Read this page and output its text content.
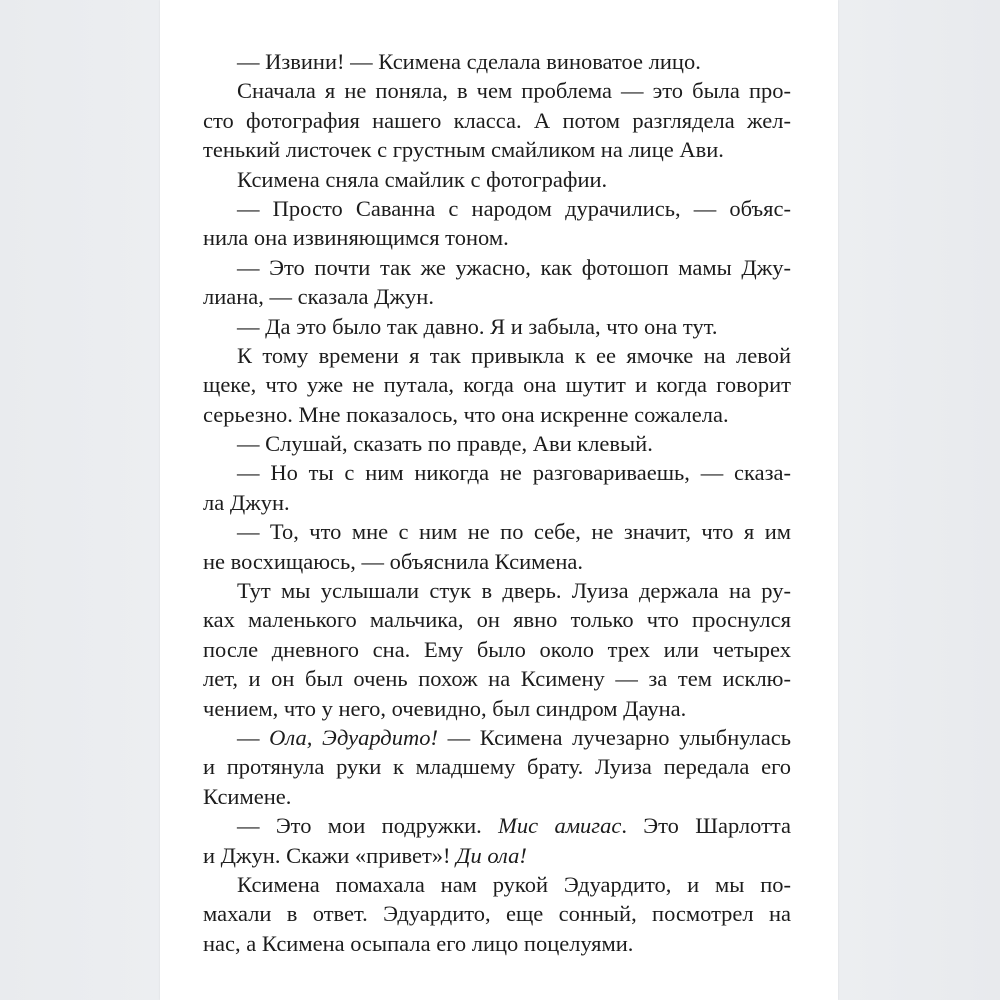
— Извини! — Ксимена сделала виноватое лицо.
Сначала я не поняла, в чем проблема — это была про-
сто фотография нашего класса. А потом разглядела жел-
тенький листочек с грустным смайликом на лице Ави.
Ксимена сняла смайлик с фотографии.
— Просто Саванна с народом дурачились, — объяс-
нила она извиняющимся тоном.
— Это почти так же ужасно, как фотошоп мамы Джу-
лиана, — сказала Джун.
— Да это было так давно. Я и забыла, что она тут.
К тому времени я так привыкла к ее ямочке на левой
щеке, что уже не путала, когда она шутит и когда говорит
серьезно. Мне показалось, что она искренне сожалела.
— Слушай, сказать по правде, Ави клевый.
— Но ты с ним никогда не разговариваешь, — сказа-
ла Джун.
— То, что мне с ним не по себе, не значит, что я им
не восхищаюсь, — объяснила Ксимена.
Тут мы услышали стук в дверь. Луиза держала на ру-
ках маленького мальчика, он явно только что проснулся
после дневного сна. Ему было около трех или четырех
лет, и он был очень похож на Ксимену — за тем исклю-
чением, что у него, очевидно, был синдром Дауна.
— Ола, Эдуардито! — Ксимена лучезарно улыбнулась
и протянула руки к младшему брату. Луиза передала его
Ксимене.
— Это мои подружки. Мис амигас. Это Шарлотта
и Джун. Скажи «привет»! Ди ола!
Ксимена помахала нам рукой Эдуардито, и мы по-
махали в ответ. Эдуардито, еще сонный, посмотрел на
нас, а Ксимена осыпала его лицо поцелуями.
